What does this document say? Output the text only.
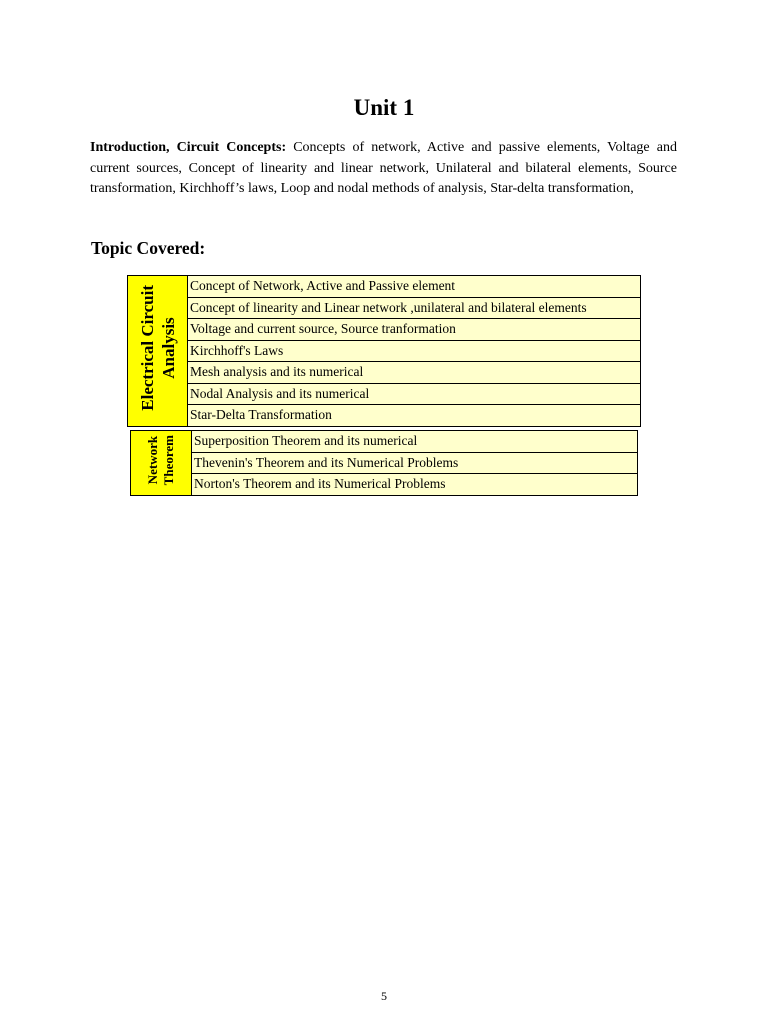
Unit 1

Introduction, Circuit Concepts: Concepts of network, Active and passive elements, Voltage and current sources, Concept of linearity and linear network, Unilateral and bilateral elements, Source transformation, Kirchhoff’s laws, Loop and nodal methods of analysis, Star-delta transformation,

Topic Covered:
Electrical Circuit
Analysis	Concept of Network, Active and Passive element
Concept of linearity and Linear network ,unilateral and bilateral elements
Voltage and current source, Source tranformation
Kirchhoff's Laws
Mesh analysis and its numerical
Nodal Analysis and its numerical
Star-Delta Transformation
Network
Theorem	Superposition Theorem and its numerical
Thevenin's Theorem and its Numerical Problems
Norton's Theorem and its Numerical Problems
5
